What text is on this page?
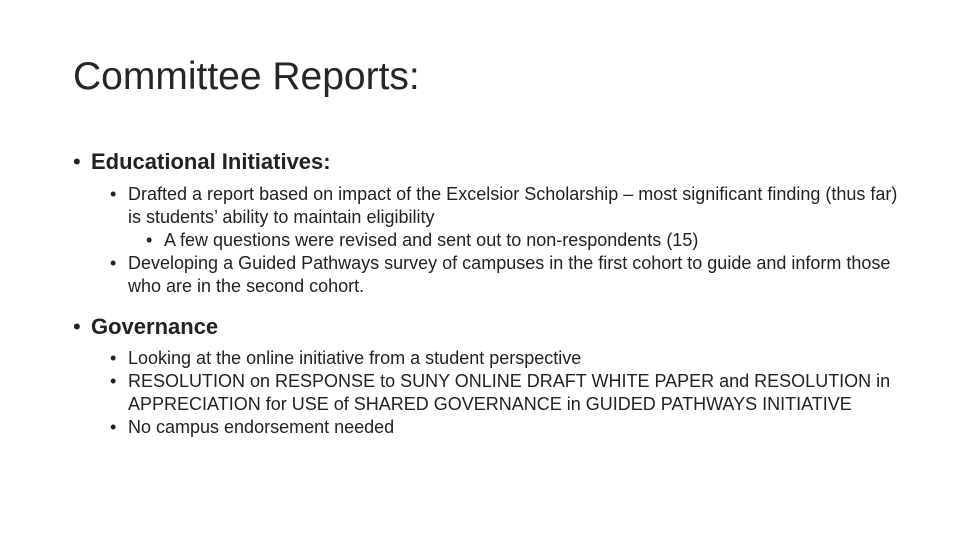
Committee Reports:
• Educational Initiatives:
• Drafted a report based on impact of the Excelsior Scholarship – most significant finding (thus far) is students’ ability to maintain eligibility
• A few questions were revised and sent out to non-respondents (15)
• Developing a Guided Pathways survey of campuses in the first cohort to guide and inform those who are in the second cohort.
• Governance
• Looking at the online initiative from a student perspective
• RESOLUTION on RESPONSE to SUNY ONLINE DRAFT WHITE PAPER and RESOLUTION in APPRECIATION for USE of SHARED GOVERNANCE in GUIDED PATHWAYS INITIATIVE
• No campus endorsement needed
